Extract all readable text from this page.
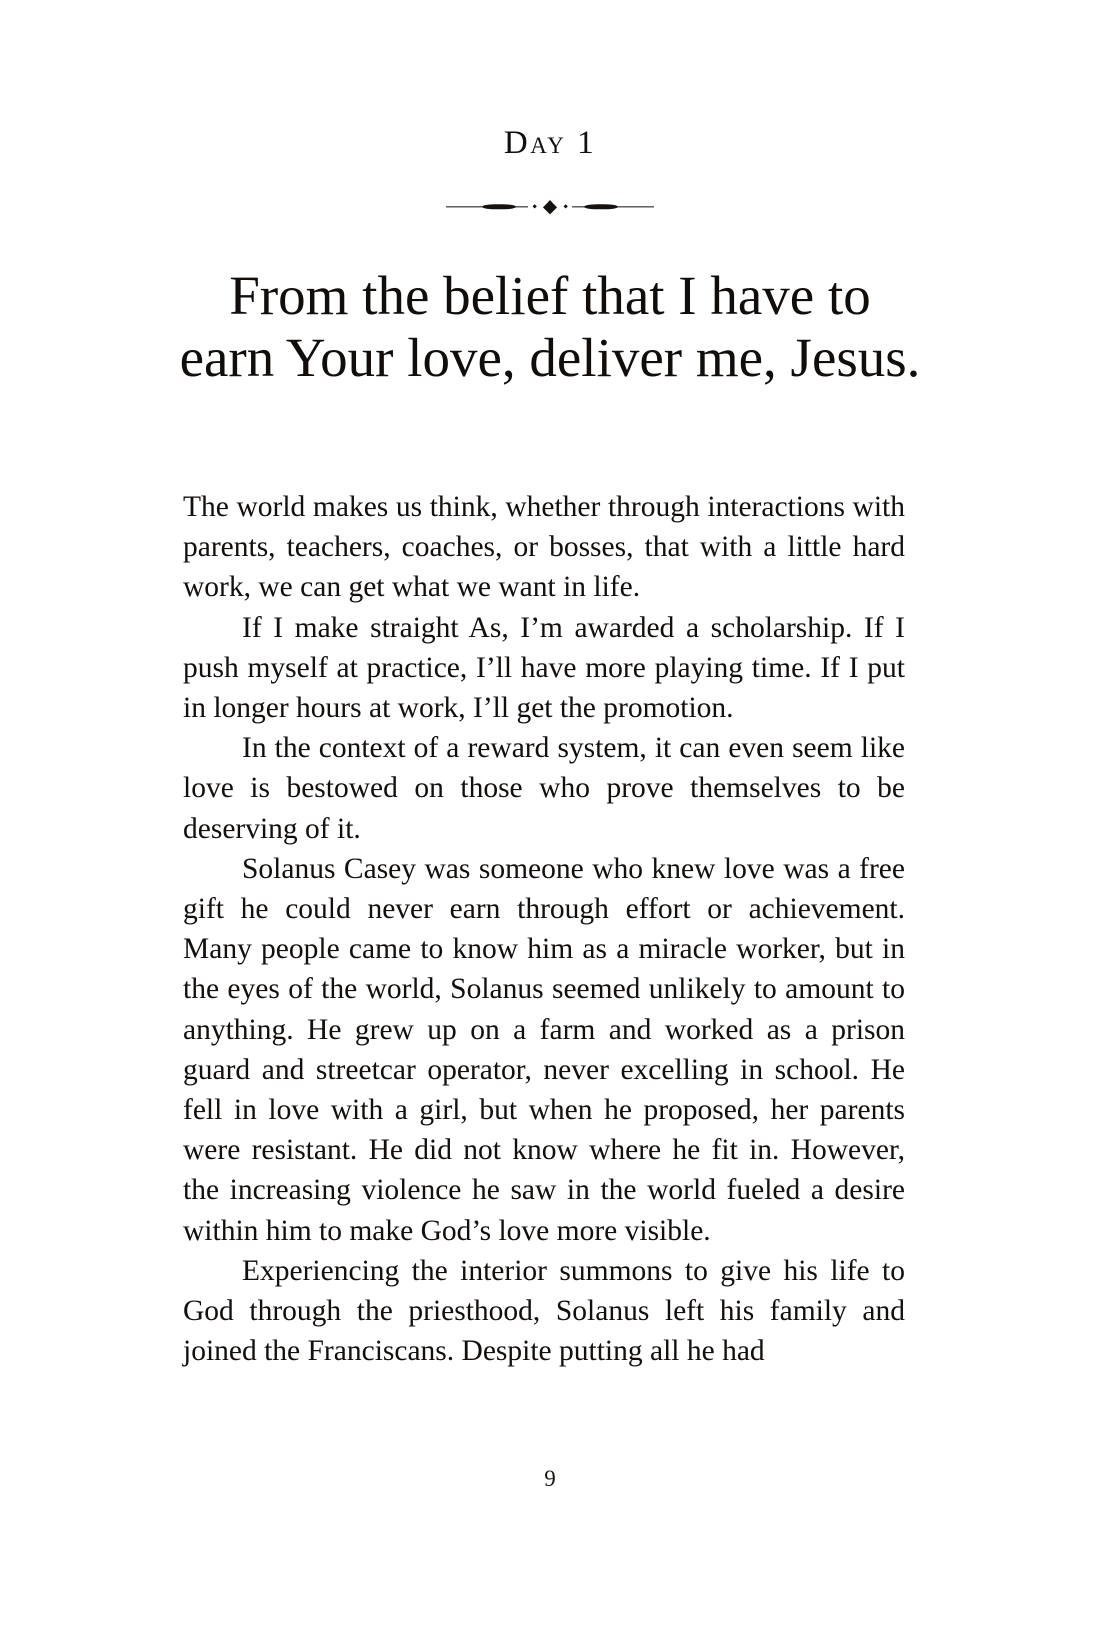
Day 1
From the belief that I have to
earn Your love, deliver me, Jesus.

The world makes us think, whether through interactions with parents, teachers, coaches, or bosses, that with a little hard work, we can get what we want in life.

If I make straight As, I’m awarded a scholarship. If I push myself at practice, I’ll have more playing time. If I put in longer hours at work, I’ll get the promotion.

In the context of a reward system, it can even seem like love is bestowed on those who prove themselves to be deserving of it.

Solanus Casey was someone who knew love was a free gift he could never earn through effort or achievement. Many people came to know him as a miracle worker, but in the eyes of the world, Solanus seemed unlikely to amount to anything. He grew up on a farm and worked as a prison guard and streetcar operator, never excelling in school. He fell in love with a girl, but when he proposed, her parents were resistant. He did not know where he fit in. However, the increasing violence he saw in the world fueled a desire within him to make God’s love more visible.

Experiencing the interior summons to give his life to God through the priesthood, Solanus left his family and joined the Franciscans. Despite putting all he had

9
